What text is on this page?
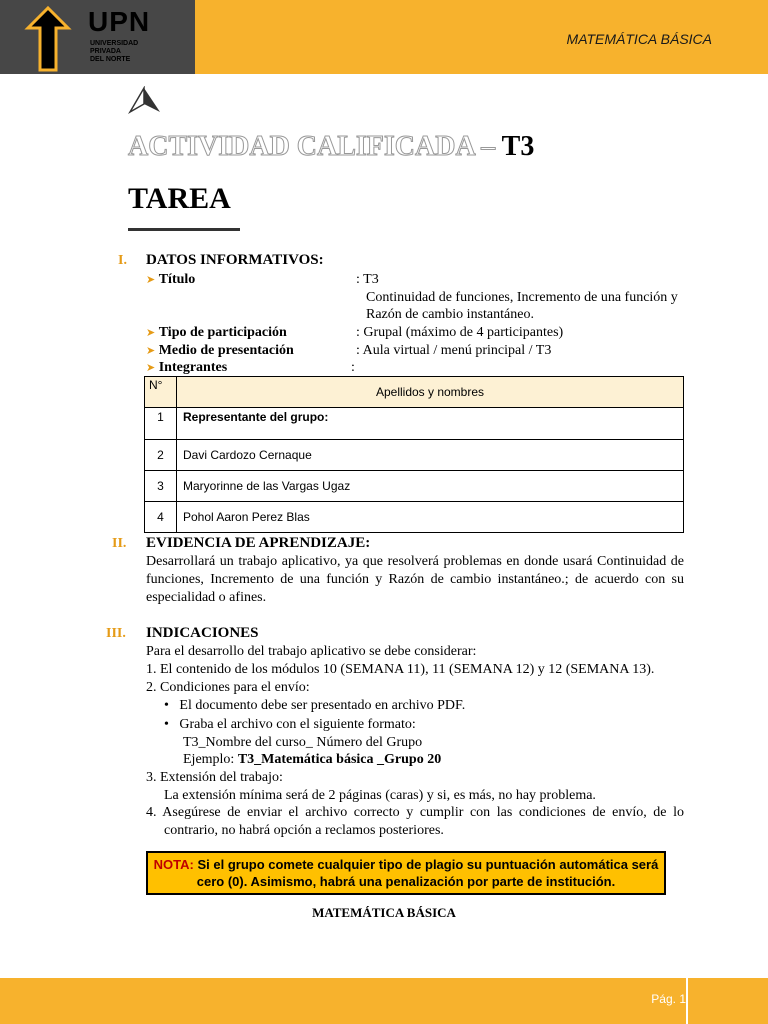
UPN
UNIVERSIDAD
PRIVADA
DEL NORTE
MATEMÁTICA BÁSICA
ACTIVIDAD CALIFICADA – T3
TAREA
I. DATOS INFORMATIVOS:
➤ Título	: T3
Continuidad de funciones, Incremento de una función y
Razón de cambio instantáneo.
➤ Tipo de participación	: Grupal (máximo de 4 participantes)
➤ Medio de presentación	: Aula virtual / menú principal / T3
➤ Integrantes	:
N°	Apellidos y nombres
1	Representante del grupo:
2	Davi Cardozo Cernaque
3	Maryorinne de las Vargas Ugaz
4	Pohol Aaron Perez Blas
II. EVIDENCIA DE APRENDIZAJE:
Desarrollará un trabajo aplicativo, ya que resolverá problemas en donde usará Continuidad de funciones, Incremento de una función y Razón de cambio instantáneo.; de acuerdo con su especialidad o afines.
III. INDICACIONES
Para el desarrollo del trabajo aplicativo se debe considerar:
1. El contenido de los módulos 10 (SEMANA 11), 11 (SEMANA 12) y 12 (SEMANA 13).
2. Condiciones para el envío:
• El documento debe ser presentado en archivo PDF.
• Graba el archivo con el siguiente formato:
T3_Nombre del curso_ Número del Grupo
Ejemplo: T3_Matemática básica _Grupo 20
3. Extensión del trabajo:
La extensión mínima será de 2 páginas (caras) y si, es más, no hay problema.
4. Asegúrese de enviar el archivo correcto y cumplir con las condiciones de envío, de lo contrario, no habrá opción a reclamos posteriores.
NOTA: Si el grupo comete cualquier tipo de plagio su puntuación automática será cero (0). Asimismo, habrá una penalización por parte de institución.
MATEMÁTICA BÁSICA
Pág. 1
